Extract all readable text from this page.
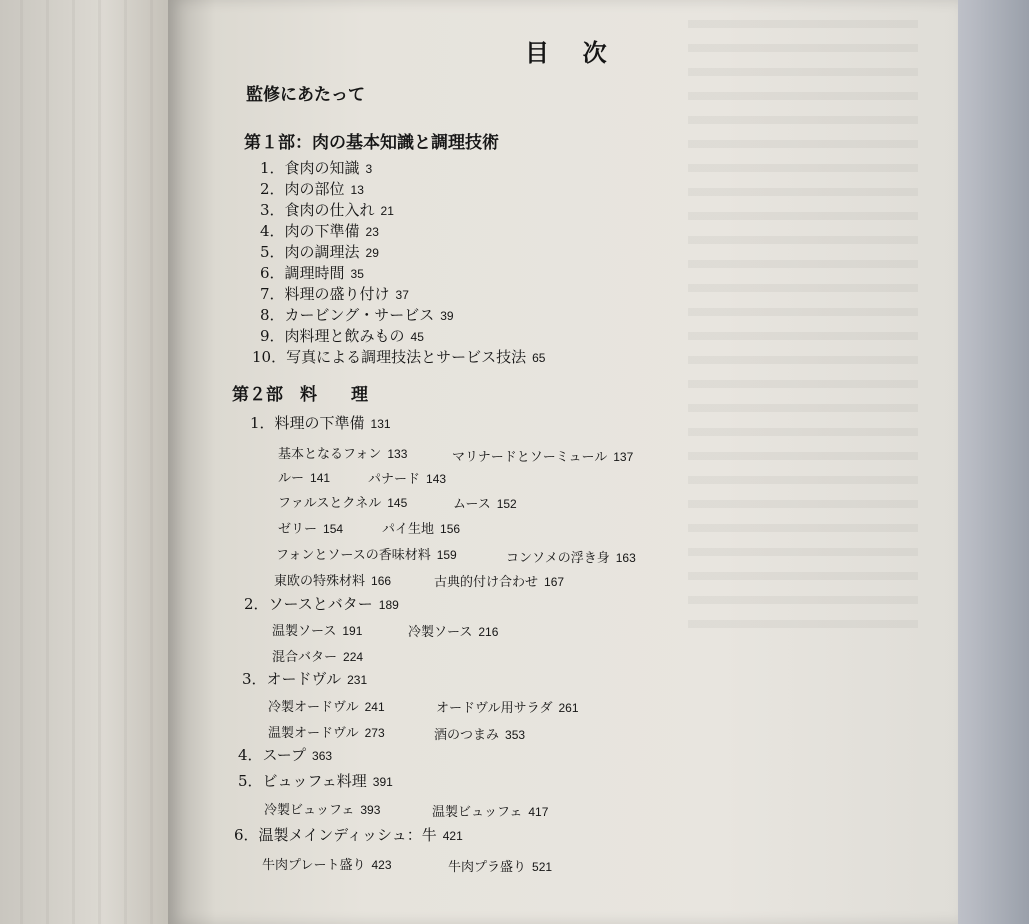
目　次
監修にあたって
第１部：肉の基本知識と調理技術
1．食肉の知識 3
2．肉の部位 13
3．食肉の仕入れ 21
4．肉の下準備 23
5．肉の調理法 29
6．調理時間 35
7．料理の盛り付け 37
8．カービング・サービス 39
9．肉料理と飲みもの 45
10．写真による調理技法とサービス技法 65
第２部　料　　理
1．料理の下準備 131
基本となるフォン 133	マリナードとソーミュール 137
ルー 141	パナード 143
ファルスとクネル 145	ムース 152
ゼリー 154	パイ生地 156
フォンとソースの香味材料 159	コンソメの浮き身 163
東欧の特殊材料 166	古典的付け合わせ 167
2．ソースとバター 189
温製ソース 191	冷製ソース 216
混合バター 224
3．オードヴル 231
冷製オードヴル 241	オードヴル用サラダ 261
温製オードヴル 273	酒のつまみ 353
4．スープ 363
5．ビュッフェ料理 391
冷製ビュッフェ 393	温製ビュッフェ 417
6．温製メインディッシュ：牛 421
牛肉プレート盛り 423	牛肉プラ盛り 521
